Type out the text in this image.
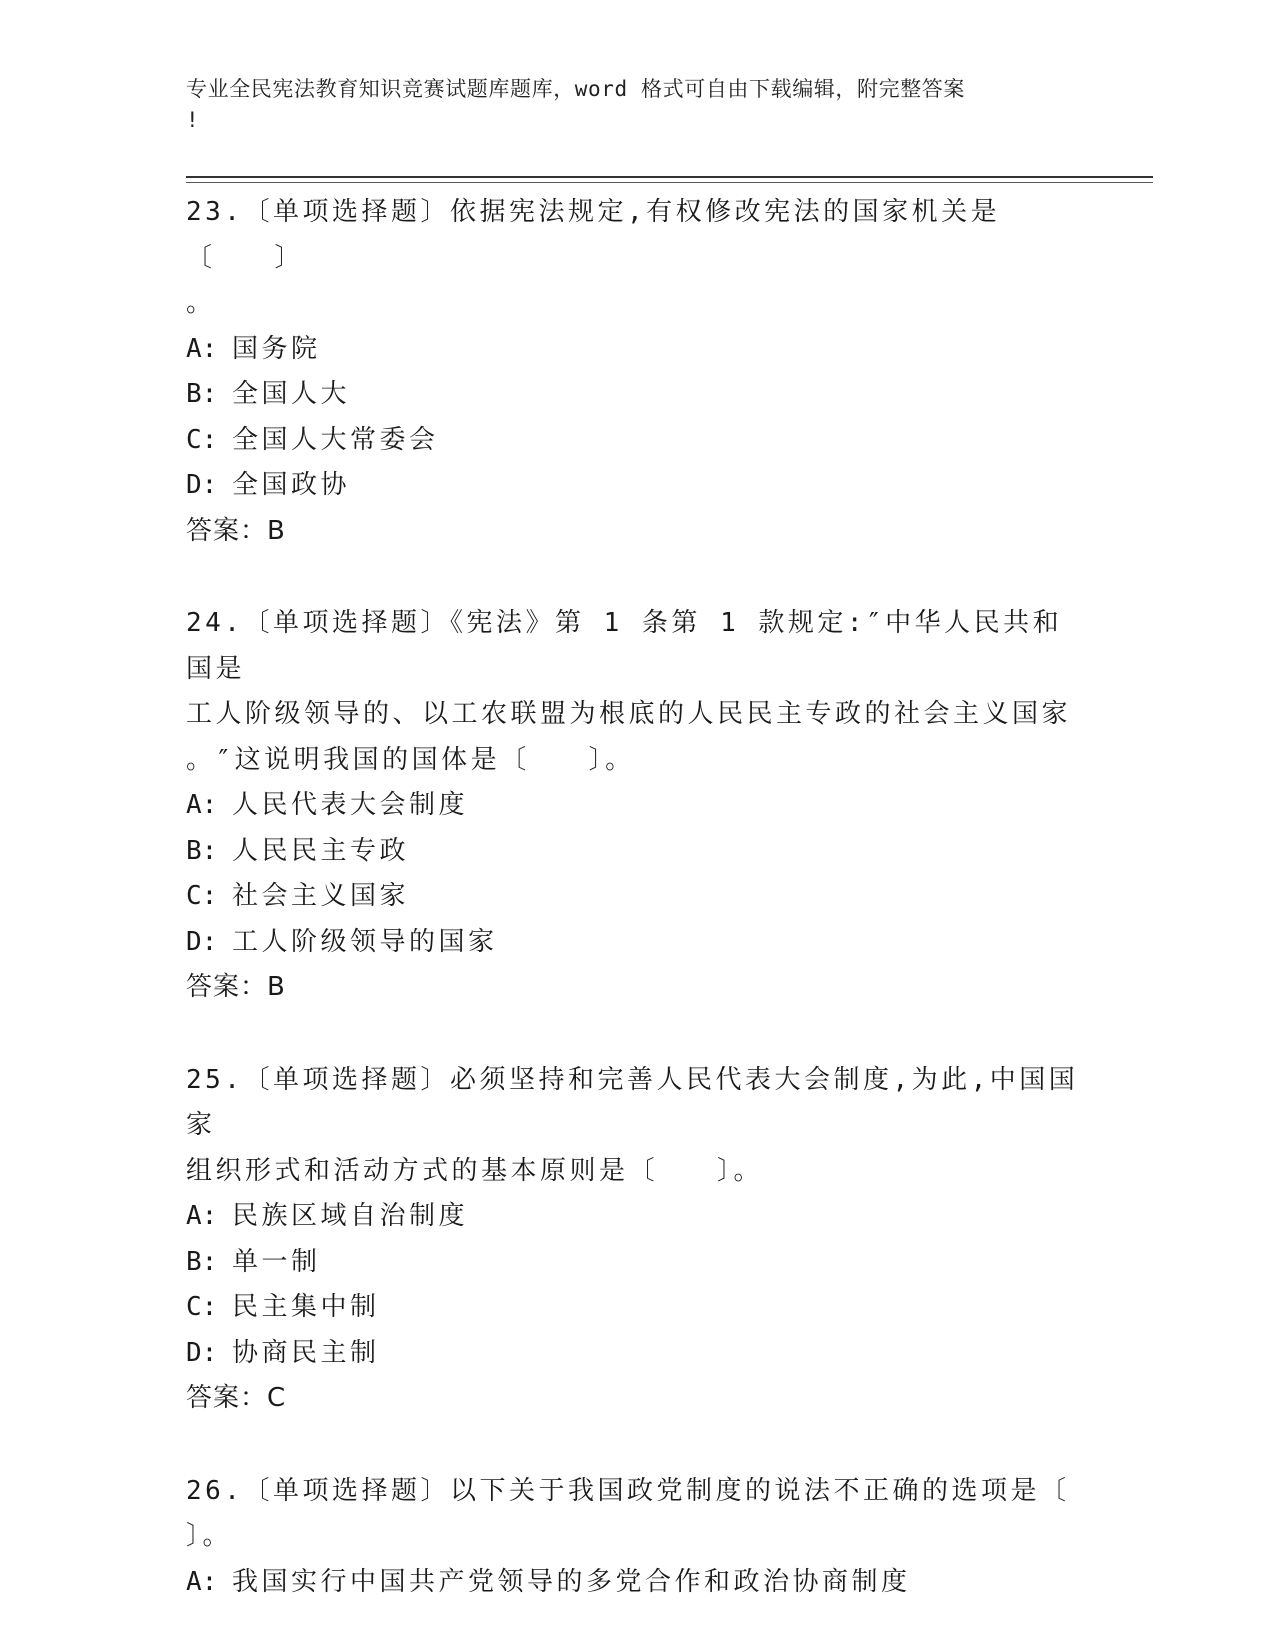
专业全民宪法教育知识竞赛试题库题库，word 格式可自由下载编辑，附完整答案
!
23.〔单项选择题〕依据宪法规定,有权修改宪法的国家机关是〔　　〕
。
A: 国务院
B: 全国人大
C: 全国人大常委会
D: 全国政协
答案：B
24.〔单项选择题〕《宪法》第 1 条第 1 款规定:″中华人民共和国是
工人阶级领导的、以工农联盟为根底的人民民主专政的社会主义国家
。″这说明我国的国体是〔　　〕。
A: 人民代表大会制度
B: 人民民主专政
C: 社会主义国家
D: 工人阶级领导的国家
答案：B
25.〔单项选择题〕必须坚持和完善人民代表大会制度,为此,中国国家
组织形式和活动方式的基本原则是〔　　〕。
A: 民族区域自治制度
B: 单一制
C: 民主集中制
D: 协商民主制
答案：C
26.〔单项选择题〕以下关于我国政党制度的说法不正确的选项是〔
〕。
A: 我国实行中国共产党领导的多党合作和政治协商制度
